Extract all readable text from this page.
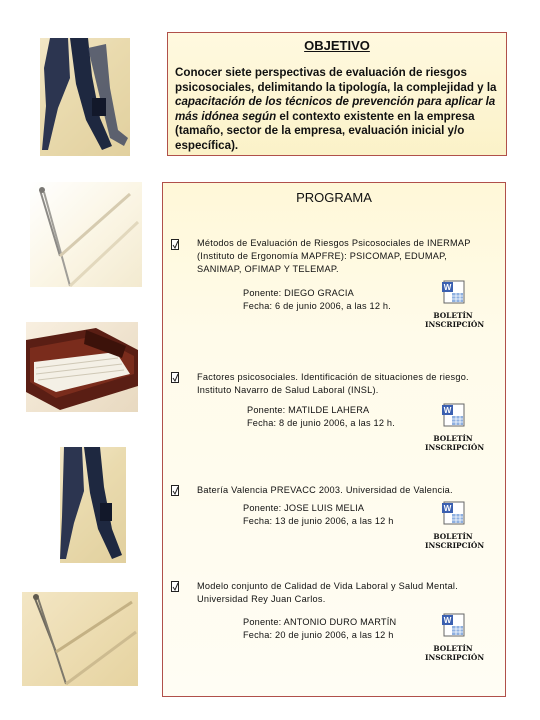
OBJETIVO
Conocer siete perspectivas de evaluación de riesgos psicosociales, delimitando la tipología, la complejidad y la capacitación de los técnicos de prevención para aplicar la más idónea según el contexto existente en la empresa (tamaño, sector de la empresa, evaluación inicial y/o específica).
PROGRAMA
Métodos de Evaluación de Riesgos Psicosociales de INERMAP
(Instituto de Ergonomía MAPFRE): PSICOMAP, EDUMAP,
SANIMAP, OFIMAP Y TELEMAP.
Ponente: DIEGO GRACIA
Fecha: 6 de junio 2006, a las 12 h.
W
BOLETÍN
INSCRIPCIÓN
Factores psicosociales. Identificación de situaciones de riesgo.
Instituto Navarro de Salud Laboral (INSL).
Ponente: MATILDE LAHERA
Fecha: 8 de junio 2006, a las 12 h.
W
BOLETÍN
INSCRIPCIÓN
Batería Valencia PREVACC 2003. Universidad de Valencia.
Ponente: JOSE LUIS MELIA
Fecha: 13 de junio 2006, a las 12 h
W
BOLETÍN
INSCRIPCIÓN
Modelo conjunto de Calidad de Vida Laboral y Salud Mental.
Universidad Rey Juan Carlos.
Ponente: ANTONIO DURO MARTÍN
Fecha: 20 de junio 2006, a las 12 h
W
BOLETÍN
INSCRIPCIÓN
